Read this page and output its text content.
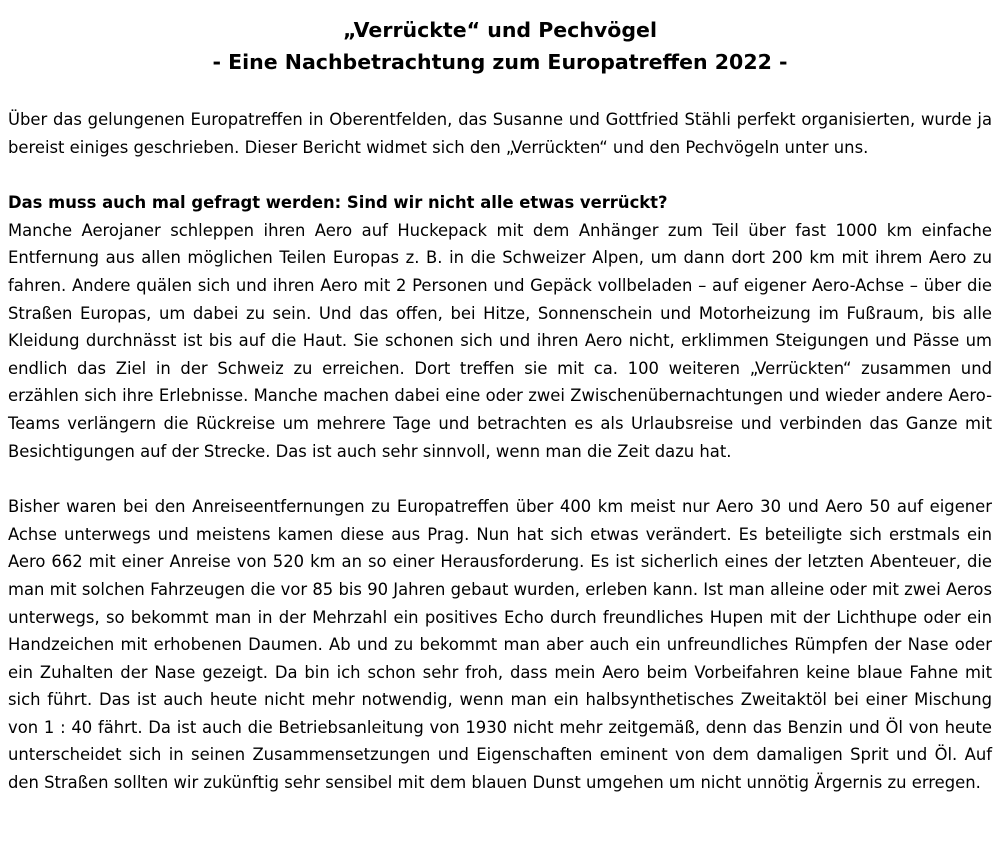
„Verrückte“ und Pechvögel
- Eine Nachbetrachtung zum Europatreffen 2022 -

Über das gelungenen Europatreffen in Oberentfelden, das Susanne und Gottfried Stähli perfekt organisierten, wurde ja bereist einiges geschrieben. Dieser Bericht widmet sich den „Verrückten“ und den Pechvögeln unter uns.

Das muss auch mal gefragt werden: Sind wir nicht alle etwas verrückt?

Manche Aerojaner schleppen ihren Aero auf Huckepack mit dem Anhänger zum Teil über fast 1000 km einfache Entfernung aus allen möglichen Teilen Europas z. B. in die Schweizer Alpen, um dann dort 200 km mit ihrem Aero zu fahren. Andere quälen sich und ihren Aero mit 2 Personen und Gepäck vollbeladen – auf eigener Aero-Achse – über die Straßen Europas, um dabei zu sein. Und das offen, bei Hitze, Sonnenschein und Motorheizung im Fußraum, bis alle Kleidung durchnässt ist bis auf die Haut. Sie schonen sich und ihren Aero nicht, erklimmen Steigungen und Pässe um endlich das Ziel in der Schweiz zu erreichen. Dort treffen sie mit ca. 100 weiteren „Verrückten“ zusammen und erzählen sich ihre Erlebnisse. Manche machen dabei eine oder zwei Zwischenübernachtungen und wieder andere Aero-Teams verlängern die Rückreise um mehrere Tage und betrachten es als Urlaubsreise und verbinden das Ganze mit Besichtigungen auf der Strecke. Das ist auch sehr sinnvoll, wenn man die Zeit dazu hat.

Bisher waren bei den Anreiseentfernungen zu Europatreffen über 400 km meist nur Aero 30 und Aero 50 auf eigener Achse unterwegs und meistens kamen diese aus Prag. Nun hat sich etwas verändert. Es beteiligte sich erstmals ein Aero 662 mit einer Anreise von 520 km an so einer Herausforderung. Es ist sicherlich eines der letzten Abenteuer, die man mit solchen Fahrzeugen die vor 85 bis 90 Jahren gebaut wurden, erleben kann. Ist man alleine oder mit zwei Aeros unterwegs, so bekommt man in der Mehrzahl ein positives Echo durch freundliches Hupen mit der Lichthupe oder ein Handzeichen mit erhobenen Daumen. Ab und zu bekommt man aber auch ein unfreundliches Rümpfen der Nase oder ein Zuhalten der Nase gezeigt. Da bin ich schon sehr froh, dass mein Aero beim Vorbeifahren keine blaue Fahne mit sich führt. Das ist auch heute nicht mehr notwendig, wenn man ein halbsynthetisches Zweitaktöl bei einer Mischung von 1 : 40 fährt. Da ist auch die Betriebsanleitung von 1930 nicht mehr zeitgemäß, denn das Benzin und Öl von heute unterscheidet sich in seinen Zusammensetzungen und Eigenschaften eminent von dem damaligen Sprit und Öl. Auf den Straßen sollten wir zukünftig sehr sensibel mit dem blauen Dunst umgehen um nicht unnötig Ärgernis zu erregen.
